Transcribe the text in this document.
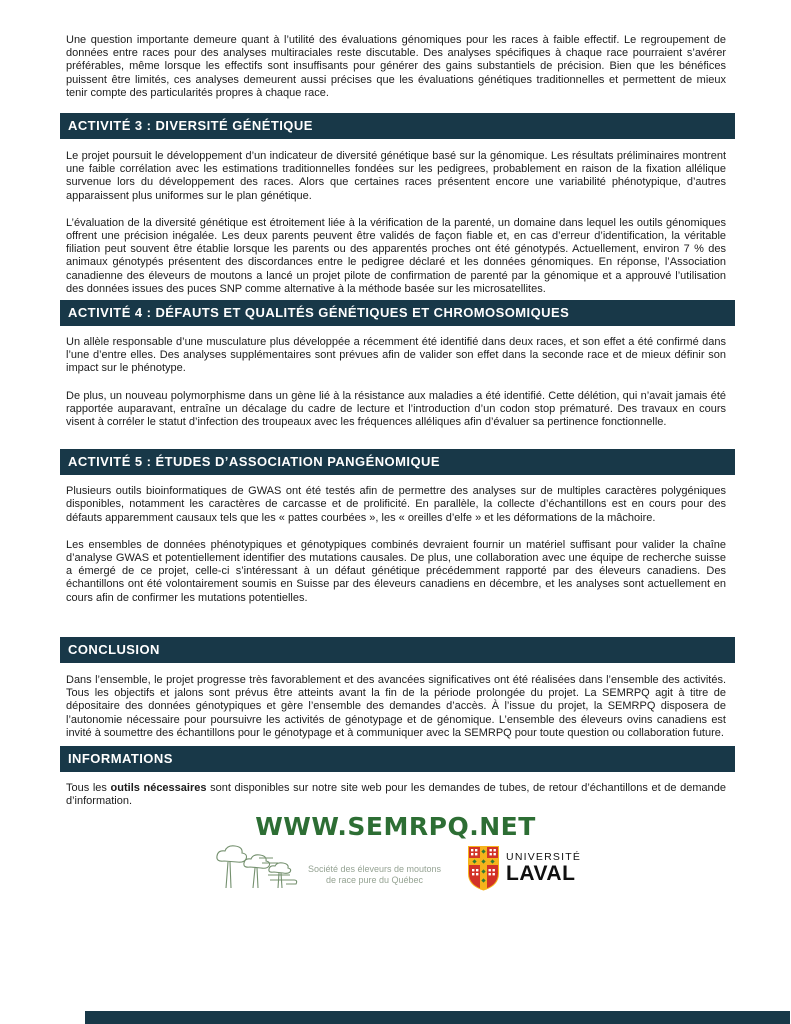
Une question importante demeure quant à l’utilité des évaluations génomiques pour les races à faible effectif. Le regroupement de données entre races pour des analyses multiraciales reste discutable. Des analyses spécifiques à chaque race pourraient s’avérer préférables, même lorsque les effectifs sont insuffisants pour générer des gains substantiels de précision. Bien que les bénéfices puissent être limités, ces analyses demeurent aussi précises que les évaluations génétiques traditionnelles et permettent de mieux tenir compte des particularités propres à chaque race.

ACTIVITÉ 3 : DIVERSITÉ GÉNÉTIQUE

Le projet poursuit le développement d’un indicateur de diversité génétique basé sur la génomique. Les résultats préliminaires montrent une faible corrélation avec les estimations traditionnelles fondées sur les pedigrees, probablement en raison de la fixation allélique survenue lors du développement des races. Alors que certaines races présentent encore une variabilité phénotypique, d’autres apparaissent plus uniformes sur le plan génétique.

L’évaluation de la diversité génétique est étroitement liée à la vérification de la parenté, un domaine dans lequel les outils génomiques offrent une précision inégalée. Les deux parents peuvent être validés de façon fiable et, en cas d’erreur d’identification, la véritable filiation peut souvent être établie lorsque les parents ou des apparentés proches ont été génotypés. Actuellement, environ 7 % des animaux génotypés présentent des discordances entre le pedigree déclaré et les données génomiques. En réponse, l’Association canadienne des éleveurs de moutons a lancé un projet pilote de confirmation de parenté par la génomique et a approuvé l’utilisation des données issues des puces SNP comme alternative à la méthode basée sur les microsatellites.

ACTIVITÉ 4 : DÉFAUTS ET QUALITÉS GÉNÉTIQUES ET CHROMOSOMIQUES

Un allèle responsable d’une musculature plus développée a récemment été identifié dans deux races, et son effet a été confirmé dans l’une d’entre elles. Des analyses supplémentaires sont prévues afin de valider son effet dans la seconde race et de mieux définir son impact sur le phénotype.

De plus, un nouveau polymorphisme dans un gène lié à la résistance aux maladies a été identifié. Cette délétion, qui n’avait jamais été rapportée auparavant, entraîne un décalage du cadre de lecture et l’introduction d’un codon stop prématuré. Des travaux en cours visent à corréler le statut d’infection des troupeaux avec les fréquences alléliques afin d’évaluer sa pertinence fonctionnelle.

ACTIVITÉ 5 : ÉTUDES D’ASSOCIATION PANGÉNOMIQUE

Plusieurs outils bioinformatiques de GWAS ont été testés afin de permettre des analyses sur de multiples caractères polygéniques disponibles, notamment les caractères de carcasse et de prolificité. En parallèle, la collecte d’échantillons est en cours pour des défauts apparemment causaux tels que les « pattes courbées », les « oreilles d’elfe » et les déformations de la mâchoire.

Les ensembles de données phénotypiques et génotypiques combinés devraient fournir un matériel suffisant pour valider la chaîne d’analyse GWAS et potentiellement identifier des mutations causales. De plus, une collaboration avec une équipe de recherche suisse a émergé de ce projet, celle-ci s’intéressant à un défaut génétique précédemment rapporté par des éleveurs canadiens. Des échantillons ont été volontairement soumis en Suisse par des éleveurs canadiens en décembre, et les analyses sont actuellement en cours afin de confirmer les mutations potentielles.

CONCLUSION

Dans l’ensemble, le projet progresse très favorablement et des avancées significatives ont été réalisées dans l’ensemble des activités. Tous les objectifs et jalons sont prévus être atteints avant la fin de la période prolongée du projet. La SEMRPQ agit à titre de dépositaire des données génotypiques et gère l’ensemble des demandes d’accès. À l’issue du projet, la SEMRPQ disposera de l’autonomie nécessaire pour poursuivre les activités de génotypage et de génomique. L’ensemble des éleveurs ovins canadiens est invité à soumettre des échantillons pour le génotypage et à communiquer avec la SEMRPQ pour toute question ou collaboration future.

INFORMATIONS

Tous les outils nécessaires sont disponibles sur notre site web pour les demandes de tubes, de retour d’échantillons et de demande d’information.

WWW.SEMRPQ.NET
Société des éleveurs de moutons
de race pure du Québec
UNIVERSITÉ
LAVAL
